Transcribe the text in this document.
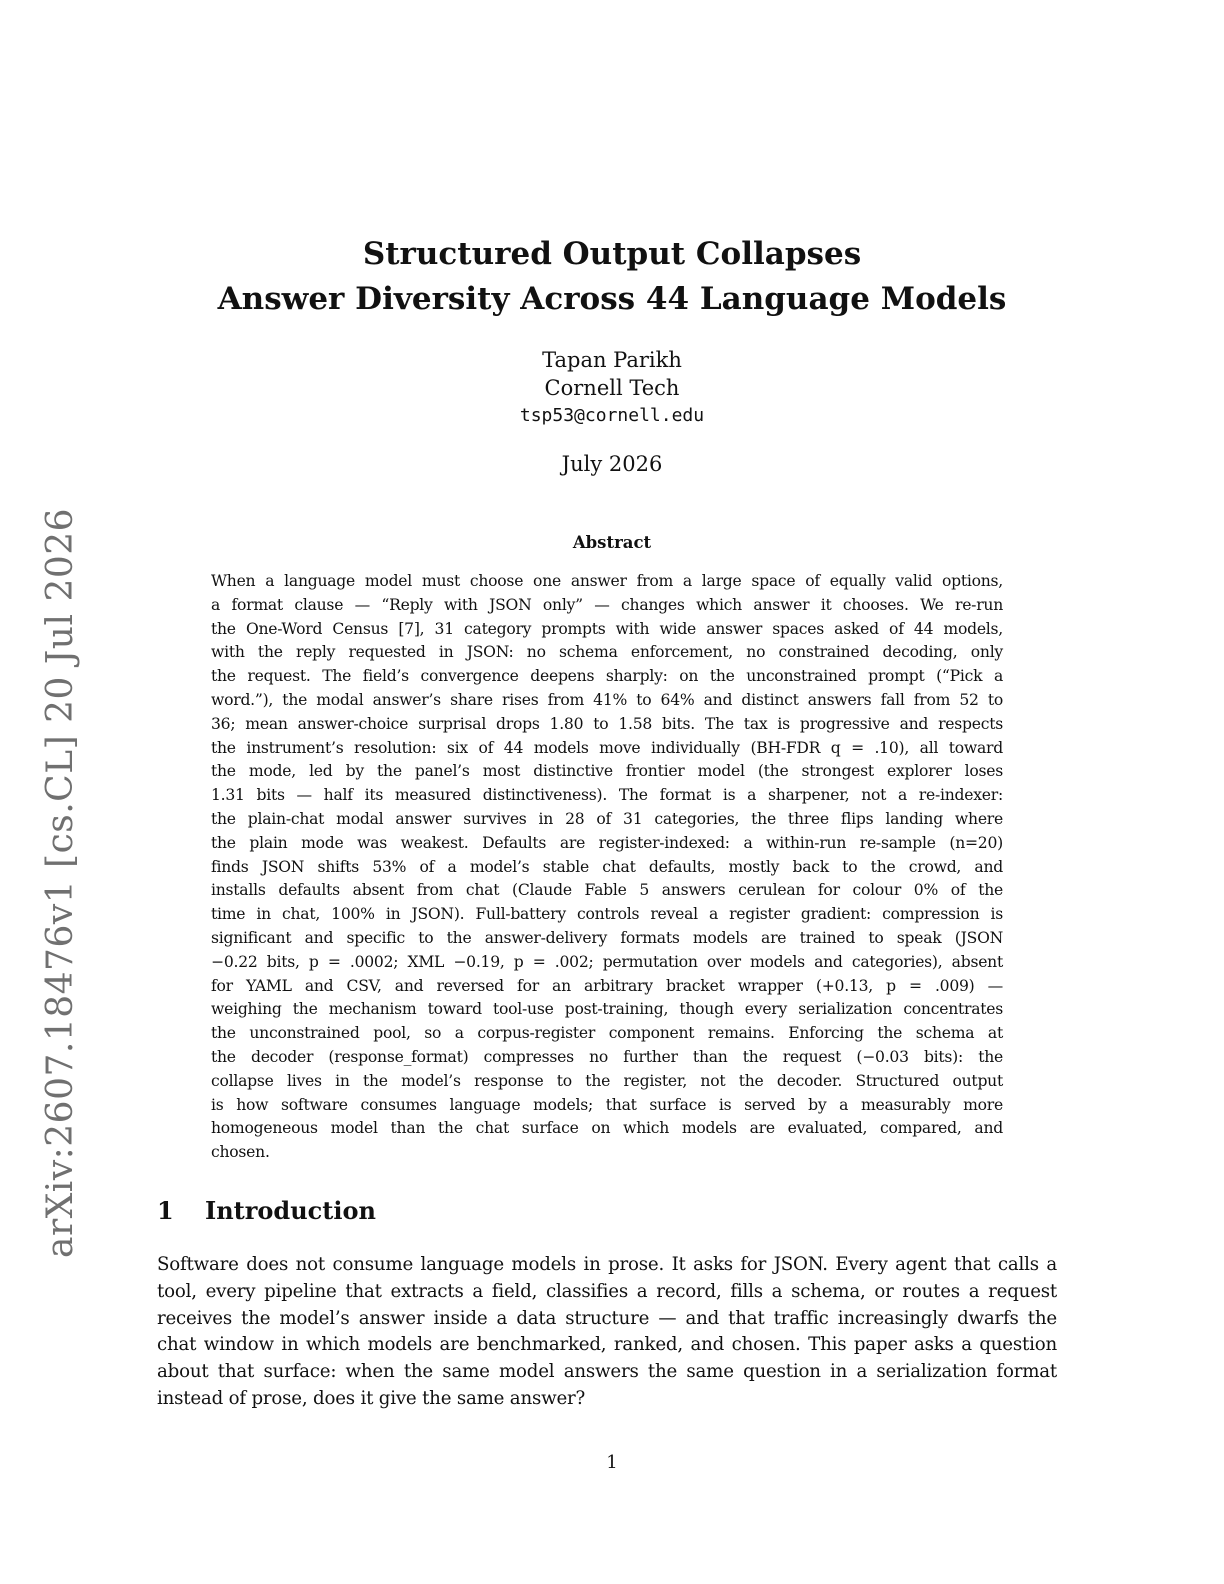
arXiv:2607.18476v1 [cs.CL] 20 Jul 2026
Structured Output Collapses
Answer Diversity Across 44 Language Models
Tapan Parikh
Cornell Tech
tsp53@cornell.edu
July 2026
Abstract
When a language model must choose one answer from a large space of equally valid options,
a format clause — “Reply with JSON only” — changes which answer it chooses. We re-run
the One-Word Census [7], 31 category prompts with wide answer spaces asked of 44 models,
with the reply requested in JSON: no schema enforcement, no constrained decoding, only
the request. The field’s convergence deepens sharply: on the unconstrained prompt (“Pick a
word.”), the modal answer’s share rises from 41% to 64% and distinct answers fall from 52 to
36; mean answer-choice surprisal drops 1.80 to 1.58 bits. The tax is progressive and respects
the instrument’s resolution: six of 44 models move individually (BH-FDR q = .10), all toward
the mode, led by the panel’s most distinctive frontier model (the strongest explorer loses
1.31 bits — half its measured distinctiveness). The format is a sharpener, not a re-indexer:
the plain-chat modal answer survives in 28 of 31 categories, the three flips landing where
the plain mode was weakest. Defaults are register-indexed: a within-run re-sample (n=20)
finds JSON shifts 53% of a model’s stable chat defaults, mostly back to the crowd, and
installs defaults absent from chat (Claude Fable 5 answers cerulean for colour 0% of the
time in chat, 100% in JSON). Full-battery controls reveal a register gradient: compression is
significant and specific to the answer-delivery formats models are trained to speak (JSON
−0.22 bits, p = .0002; XML −0.19, p = .002; permutation over models and categories), absent
for YAML and CSV, and reversed for an arbitrary bracket wrapper (+0.13, p = .009) —
weighing the mechanism toward tool-use post-training, though every serialization concentrates
the unconstrained pool, so a corpus-register component remains. Enforcing the schema at
the decoder (response_format) compresses no further than the request (−0.03 bits): the
collapse lives in the model’s response to the register, not the decoder. Structured output
is how software consumes language models; that surface is served by a measurably more
homogeneous model than the chat surface on which models are evaluated, compared, and
chosen.
1 Introduction
Software does not consume language models in prose. It asks for JSON. Every agent that calls a
tool, every pipeline that extracts a field, classifies a record, fills a schema, or routes a request
receives the model’s answer inside a data structure — and that traffic increasingly dwarfs the
chat window in which models are benchmarked, ranked, and chosen. This paper asks a question
about that surface: when the same model answers the same question in a serialization format
instead of prose, does it give the same answer?
1
